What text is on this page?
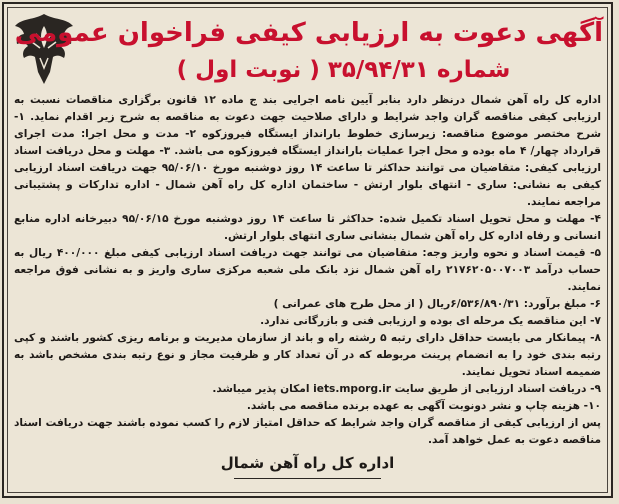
آگهی دعوت به ارزیابی کیفی فراخوان عمومی
شماره ۳۵/۹۴/۳۱ ( نوبت اول )

اداره کل راه آهن شمال درنظر دارد بنابر آیین نامه اجرایی بند ج ماده ۱۲ قانون برگزاری مناقصات نسبت به ارزیابی کیفی مناقصه گران واجد شرایط و دارای صلاحیت جهت دعوت به مناقصه به شرح زیر اقدام نماید. ۱- شرح مختصر موضوع مناقصه: زیرسازی خطوط بارانداز ایستگاه فیروزکوه ۲- مدت و محل اجرا: مدت اجرای قرارداد چهار/ ۴ ماه بوده و محل اجرا عملیات بارانداز ایستگاه فیروزکوه می باشد. ۳- مهلت و محل دریافت اسناد ارزیابی کیفی: متقاضیان می توانند حداکثر تا ساعت ۱۴ روز دوشنبه مورخ ۹۵/۰۶/۱۰ جهت دریافت اسناد ارزیابی کیفی به نشانی: ساری - انتهای بلوار ارتش - ساختمان اداره کل راه آهن شمال - اداره تدارکات و پشتیبانی مراجعه نمایند.

۴- مهلت و محل تحویل اسناد تکمیل شده: حداکثر تا ساعت ۱۴ روز دوشنبه مورخ ۹۵/۰۶/۱۵ دبیرخانه اداره منابع انسانی و رفاه اداره کل راه آهن شمال بنشانی ساری انتهای بلوار ارتش.

۵- قیمت اسناد و نحوه واریز وجه: متقاضیان می توانند جهت دریافت اسناد ارزیابی کیفی مبلغ ۴۰۰/۰۰۰ ریال به حساب درآمد ۲۱۷۶۲۰۵۰۰۷۰۰۳ راه آهن شمال نزد بانک ملی شعبه مرکزی ساری واریز و به نشانی فوق مراجعه نمایند.

۶- مبلغ برآورد: ۶/۵۳۶/۸۹۰/۳۱ریال ( از محل طرح های عمرانی )

۷- این مناقصه یک مرحله ای بوده و ارزیابی فنی و بازرگانی ندارد.

۸- پیمانکار می بایست حداقل دارای رتبه ۵ رشته راه و باند از سازمان مدیریت و برنامه ریزی کشور باشند و کپی رتبه بندی خود را به انضمام پرینت مربوطه که در آن تعداد کار و ظرفیت مجاز و نوع رتبه بندی مشخص باشد به ضمیمه اسناد تحویل نمایند.

۹- دریافت اسناد ارزیابی از طریق سایت iets.mporg.ir امکان پذیر میباشد.

۱۰- هزینه چاپ و نشر دونوبت آگهی به عهده برنده مناقصه می باشد.

پس از ارزیابی کیفی از مناقصه گران واجد شرایط که حداقل امتیاز لازم را کسب نموده باشند جهت دریافت اسناد مناقصه دعوت به عمل خواهد آمد.

اداره کل راه آهن شمال
